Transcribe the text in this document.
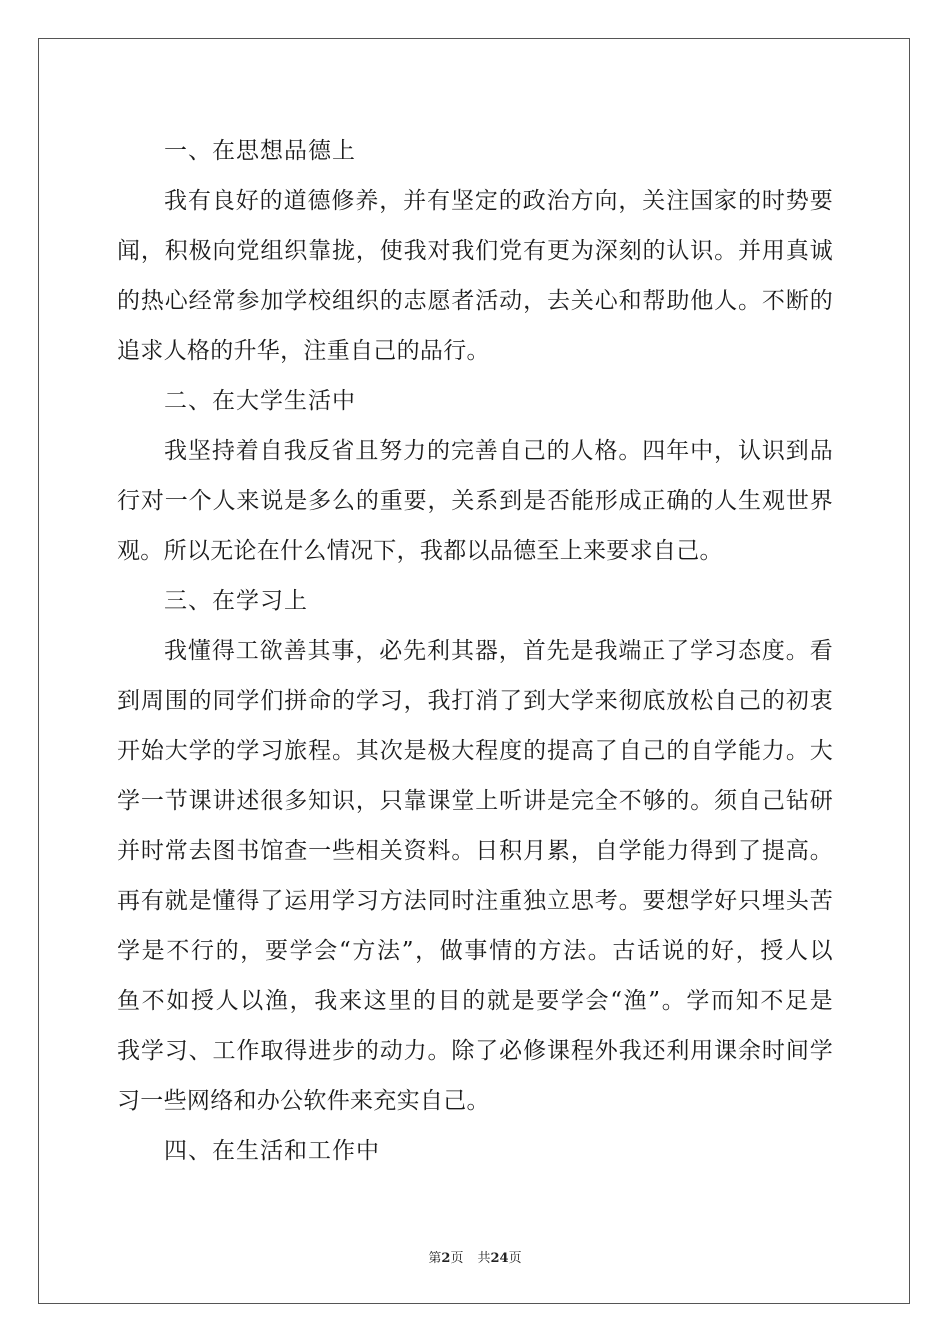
一、在思想品德上
我有良好的道德修养，并有坚定的政治方向，关注国家的时势要
闻，积极向党组织靠拢，使我对我们党有更为深刻的认识。并用真诚
的热心经常参加学校组织的志愿者活动，去关心和帮助他人。不断的
追求人格的升华，注重自己的品行。
二、在大学生活中
我坚持着自我反省且努力的完善自己的人格。四年中，认识到品
行对一个人来说是多么的重要，关系到是否能形成正确的人生观世界
观。所以无论在什么情况下，我都以品德至上来要求自己。
三、在学习上
我懂得工欲善其事，必先利其器，首先是我端正了学习态度。看
到周围的同学们拼命的学习，我打消了到大学来彻底放松自己的初衷
开始大学的学习旅程。其次是极大程度的提高了自己的自学能力。大
学一节课讲述很多知识，只靠课堂上听讲是完全不够的。须自己钻研
并时常去图书馆查一些相关资料。日积月累，自学能力得到了提高。
再有就是懂得了运用学习方法同时注重独立思考。要想学好只埋头苦
学是不行的，要学会“方法”，做事情的方法。古话说的好，授人以
鱼不如授人以渔，我来这里的目的就是要学会“渔”。学而知不足是
我学习、工作取得进步的动力。除了必修课程外我还利用课余时间学
习一些网络和办公软件来充实自己。
四、在生活和工作中
第2页 共24页
